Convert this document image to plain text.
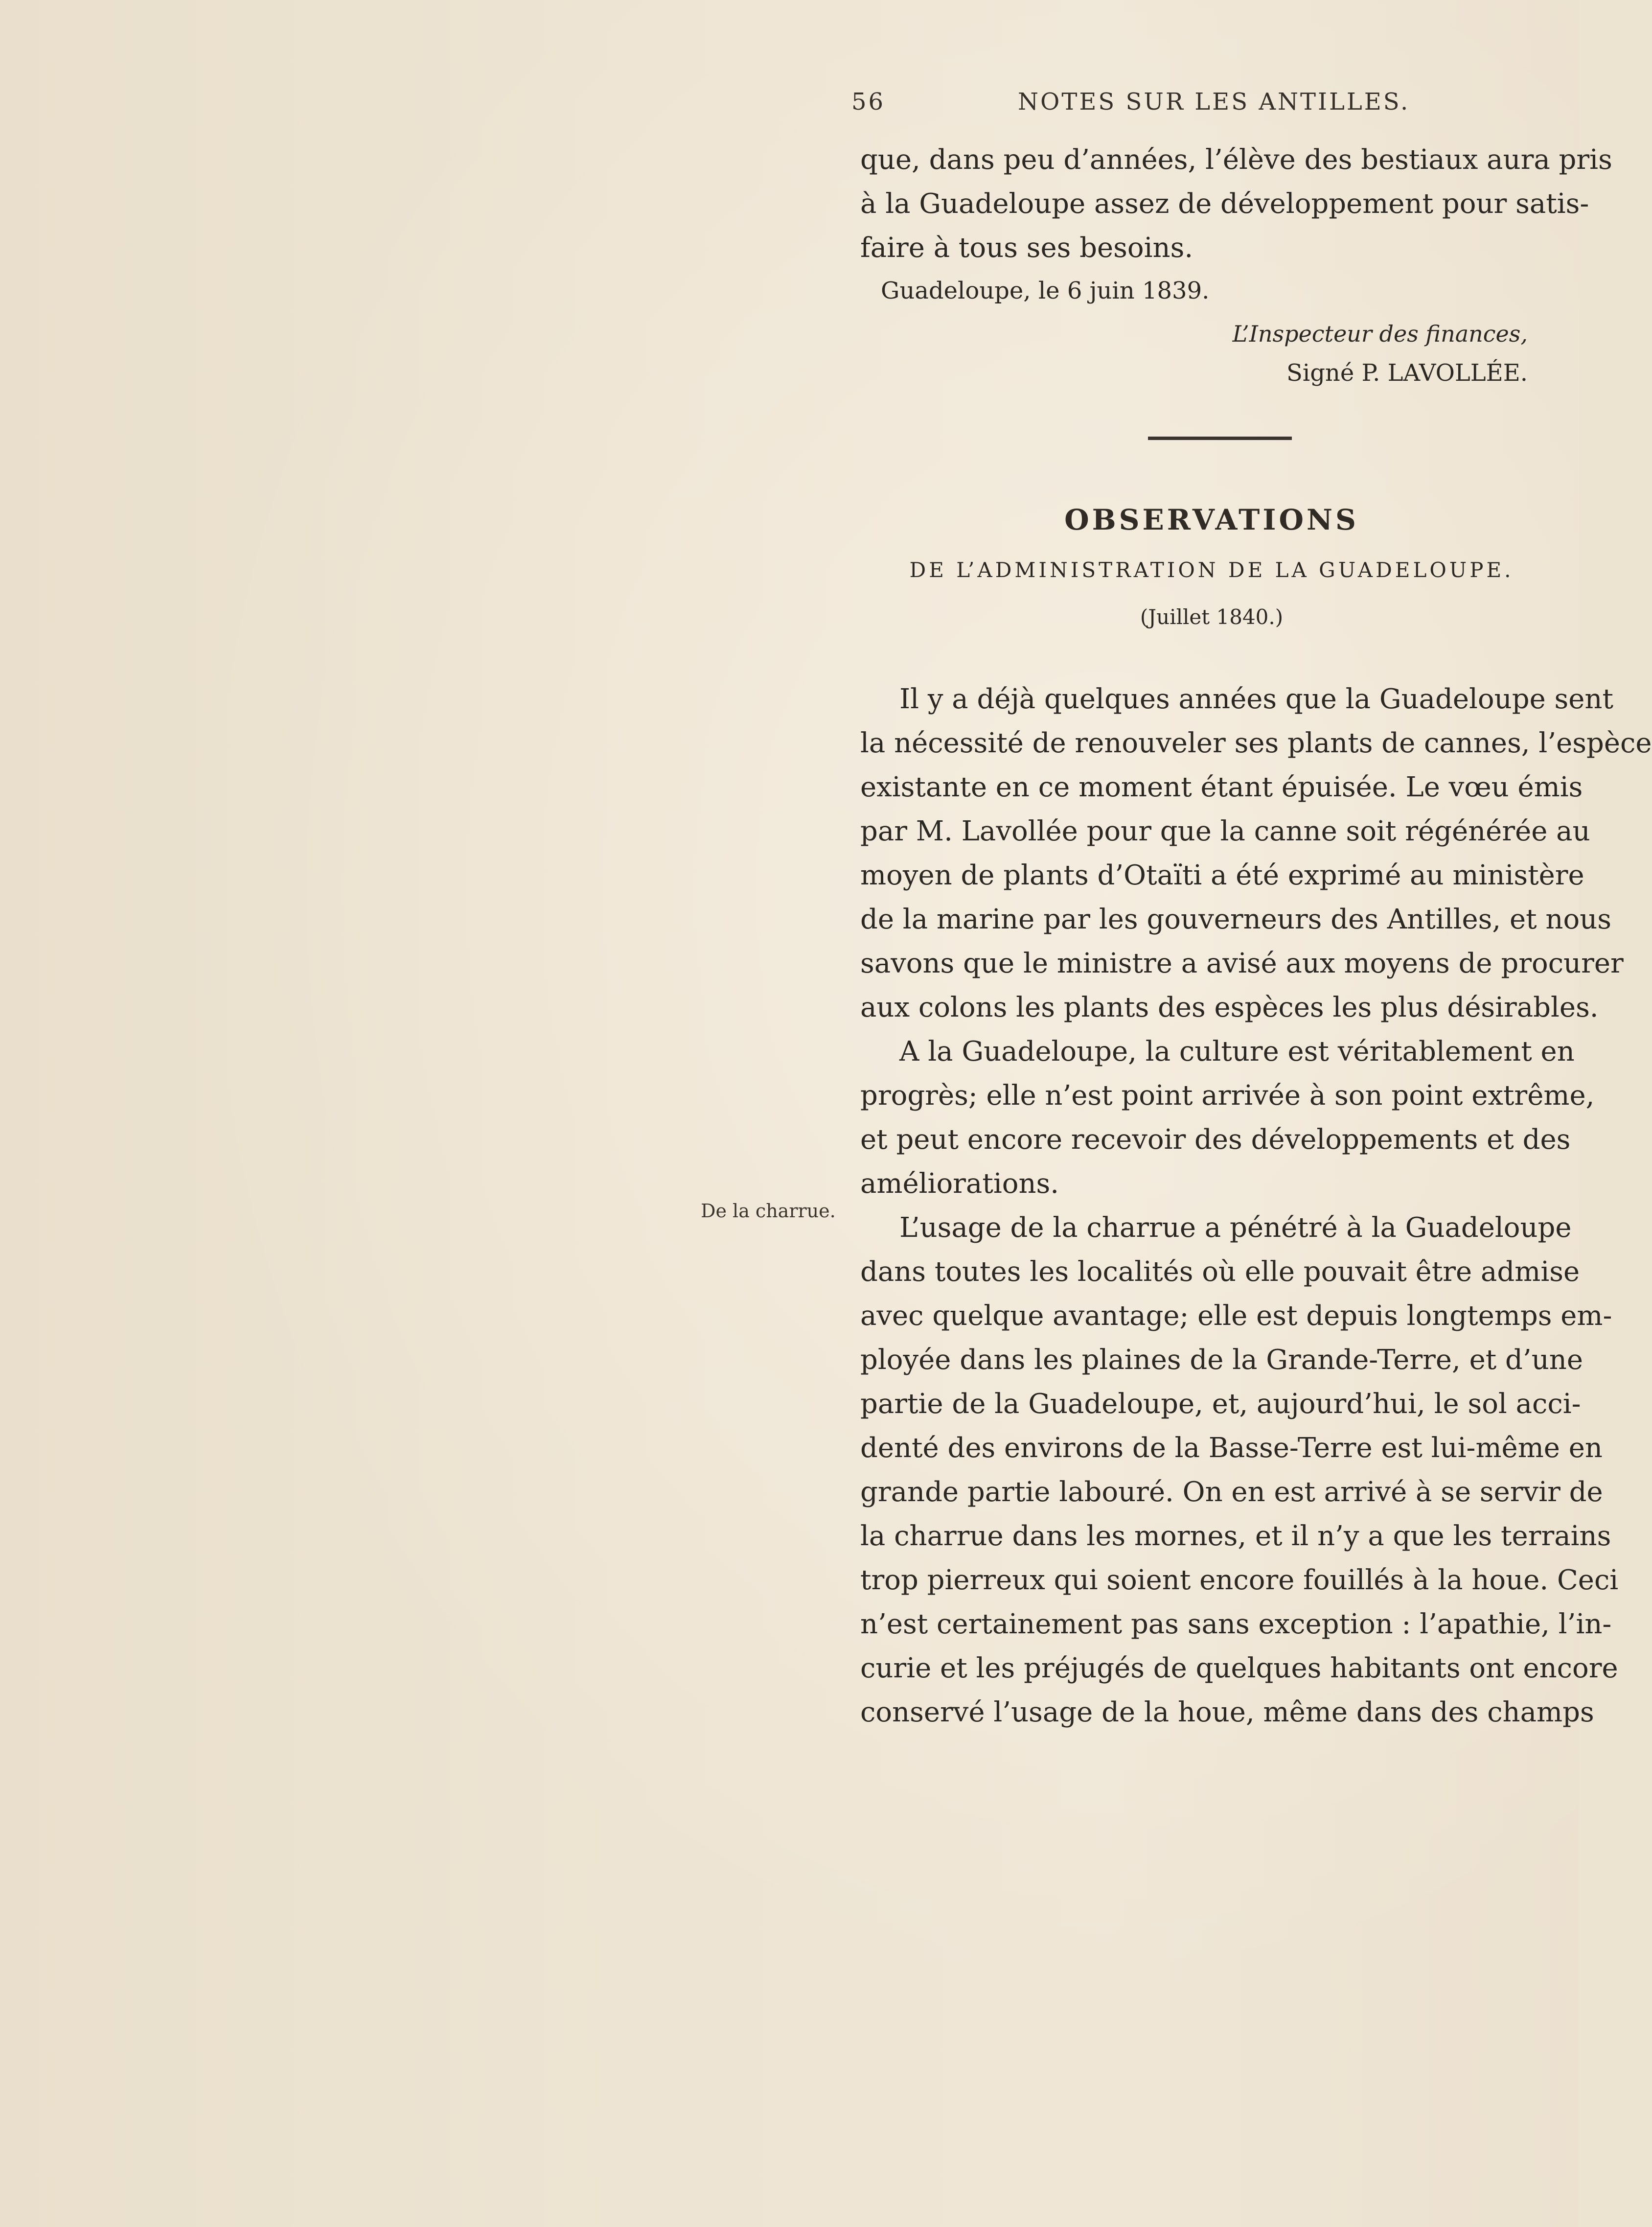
56	NOTES SUR LES ANTILLES.
que, dans peu d’années, l’élève des bestiaux aura pris
à la Guadeloupe assez de développement pour satis-
faire à tous ses besoins.
Guadeloupe, le 6 juin 1839.
L’Inspecteur des finances,
Signé P. LAVOLLÉE.
OBSERVATIONS
DE L’ADMINISTRATION DE LA GUADELOUPE.
(Juillet 1840.)
Il y a déjà quelques années que la Guadeloupe sent
la nécessité de renouveler ses plants de cannes, l’espèce
existante en ce moment étant épuisée. Le vœu émis
par M. Lavollée pour que la canne soit régénérée au
moyen de plants d’Otaïti a été exprimé au ministère
de la marine par les gouverneurs des Antilles, et nous
savons que le ministre a avisé aux moyens de procurer
aux colons les plants des espèces les plus désirables.
A la Guadeloupe, la culture est véritablement en
progrès; elle n’est point arrivée à son point extrême,
et peut encore recevoir des développements et des
améliorations.
L’usage de la charrue a pénétré à la Guadeloupe
dans toutes les localités où elle pouvait être admise
avec quelque avantage; elle est depuis longtemps em-
ployée dans les plaines de la Grande-Terre, et d’une
partie de la Guadeloupe, et, aujourd’hui, le sol acci-
denté des environs de la Basse-Terre est lui-même en
grande partie labouré. On en est arrivé à se servir de
la charrue dans les mornes, et il n’y a que les terrains
trop pierreux qui soient encore fouillés à la houe. Ceci
n’est certainement pas sans exception : l’apathie, l’in-
curie et les préjugés de quelques habitants ont encore
conservé l’usage de la houe, même dans des champs
De la charrue.
